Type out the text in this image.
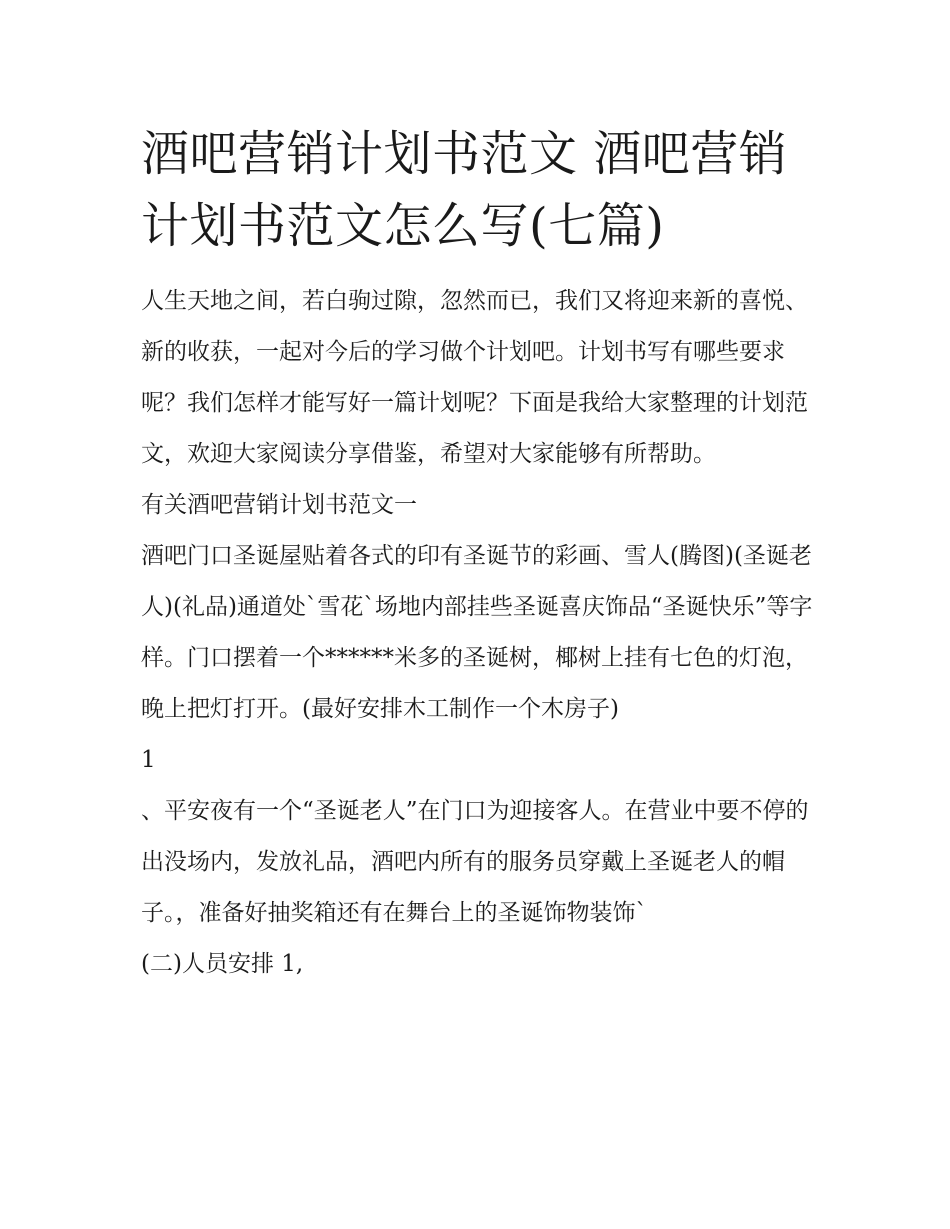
酒吧营销计划书范文 酒吧营销计划书范文怎么写(七篇)

人生天地之间，若白驹过隙，忽然而已，我们又将迎来新的喜悦、新的收获，一起对今后的学习做个计划吧。计划书写有哪些要求呢？我们怎样才能写好一篇计划呢？下面是我给大家整理的计划范文，欢迎大家阅读分享借鉴，希望对大家能够有所帮助。

有关酒吧营销计划书范文一

酒吧门口圣诞屋贴着各式的印有圣诞节的彩画、雪人(腾图)(圣诞老人)(礼品)通道处`雪花`场地内部挂些圣诞喜庆饰品“圣诞快乐”等字样。门口摆着一个******米多的圣诞树，椰树上挂有七色的灯泡，晚上把灯打开。(最好安排木工制作一个木房子)

1

、平安夜有一个“圣诞老人”在门口为迎接客人。在营业中要不停的出没场内，发放礼品，酒吧内所有的服务员穿戴上圣诞老人的帽子。，准备好抽奖箱还有在舞台上的圣诞饰物装饰`

(二)人员安排 1,
